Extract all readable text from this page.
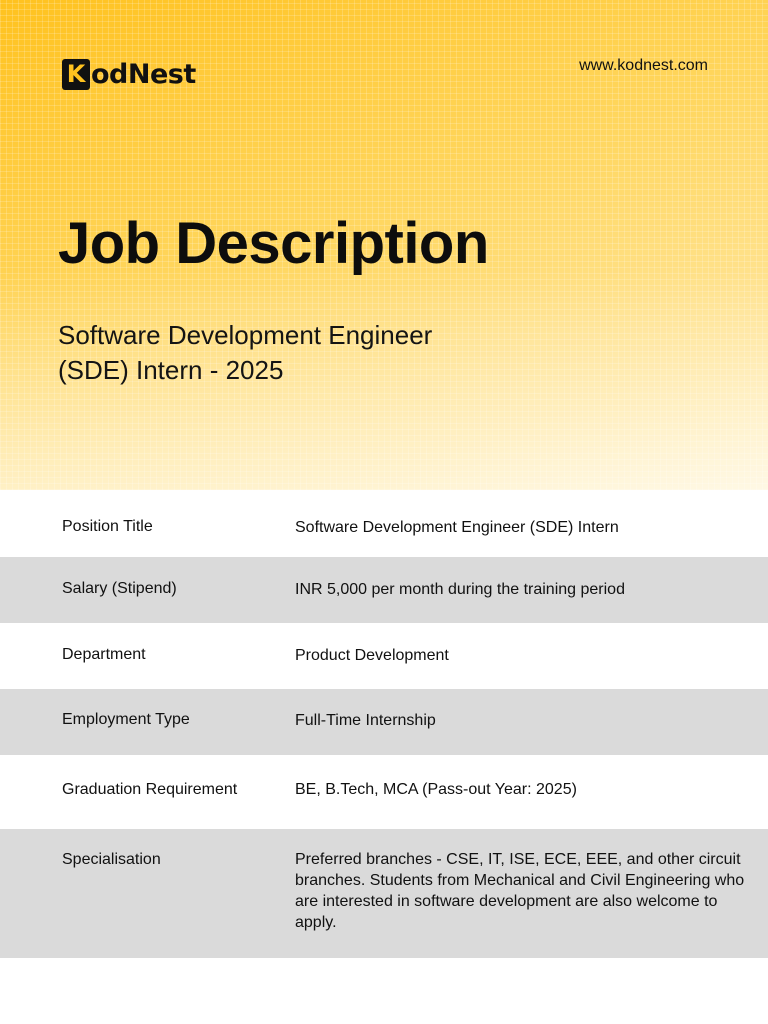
K odNest	www.kodnest.com
Job Description
Software Development Engineer
(SDE) Intern - 2025
Position Title	Software Development Engineer (SDE) Intern
Salary (Stipend)	INR 5,000 per month during the training period
Department	Product Development
Employment Type	Full-Time Internship
Graduation Requirement	BE, B.Tech, MCA (Pass-out Year: 2025)
Specialisation	Preferred branches - CSE, IT, ISE, ECE, EEE, and other circuit branches. Students from Mechanical and Civil Engineering who are interested in software development are also welcome to apply.
